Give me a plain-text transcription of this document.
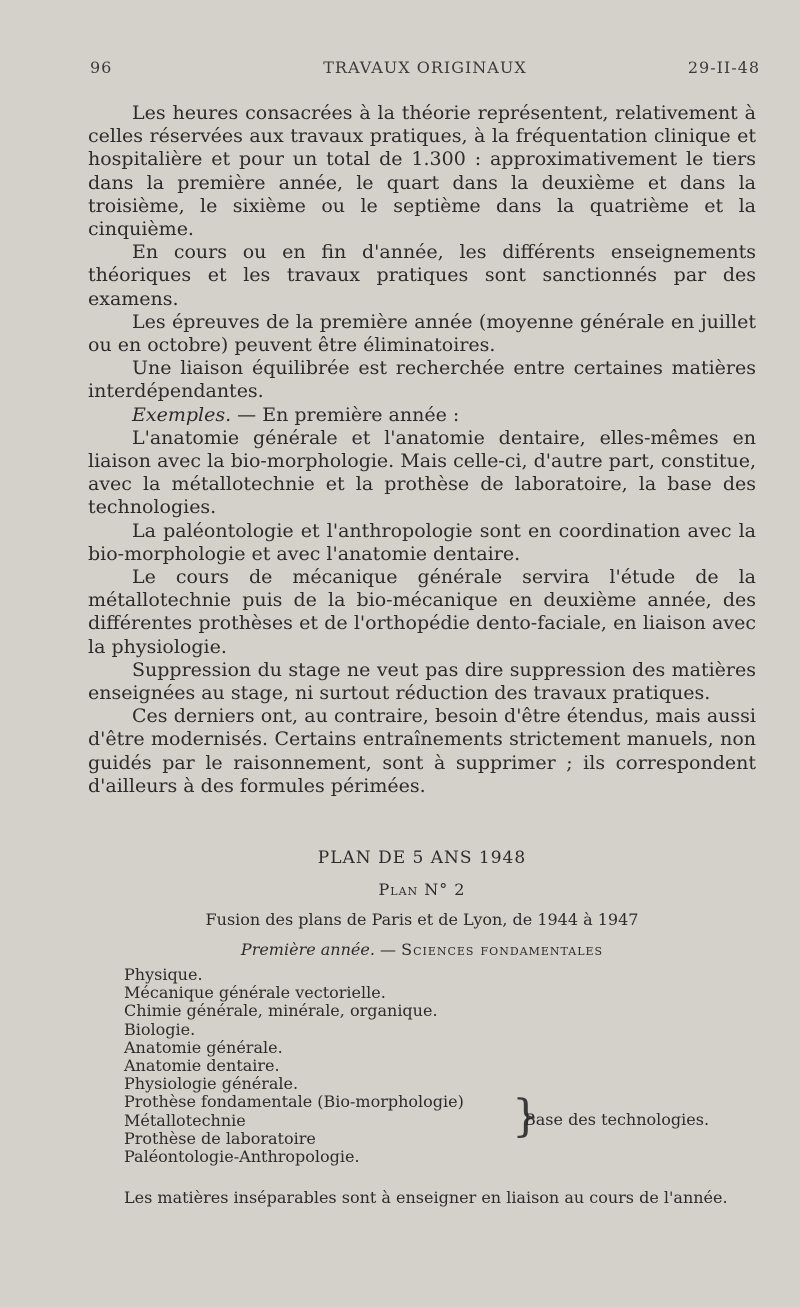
96	TRAVAUX ORIGINAUX	29-II-48

Les heures consacrées à la théorie représentent, relativement à celles réservées aux travaux pratiques, à la fréquentation clinique et hospitalière et pour un total de 1.300 : approximativement le tiers dans la première année, le quart dans la deuxième et dans la troisième, le sixième ou le septième dans la quatrième et la cinquième.

En cours ou en fin d'année, les différents enseignements théoriques et les travaux pratiques sont sanctionnés par des examens.

Les épreuves de la première année (moyenne générale en juillet ou en octobre) peuvent être éliminatoires.

Une liaison équilibrée est recherchée entre certaines matières interdépendantes.

Exemples. — En première année :

L'anatomie générale et l'anatomie dentaire, elles-mêmes en liaison avec la bio-morphologie. Mais celle-ci, d'autre part, constitue, avec la métallotechnie et la prothèse de laboratoire, la base des technologies.

La paléontologie et l'anthropologie sont en coordination avec la bio-morphologie et avec l'anatomie dentaire.

Le cours de mécanique générale servira l'étude de la métallotechnie puis de la bio-mécanique en deuxième année, des différentes prothèses et de l'orthopédie dento-faciale, en liaison avec la physiologie.

Suppression du stage ne veut pas dire suppression des matières enseignées au stage, ni surtout réduction des travaux pratiques.

Ces derniers ont, au contraire, besoin d'être étendus, mais aussi d'être modernisés. Certains entraînements strictement manuels, non guidés par le raisonnement, sont à supprimer ; ils correspondent d'ailleurs à des formules périmées.

PLAN DE 5 ANS 1948

Plan N° 2

Fusion des plans de Paris et de Lyon, de 1944 à 1947

Première année. — Sciences fondamentales

Physique.
Mécanique générale vectorielle.
Chimie générale, minérale, organique.
Biologie.
Anatomie générale.
Anatomie dentaire.
Physiologie générale.
Prothèse fondamentale (Bio-morphologie)
Métallotechnie
Prothèse de laboratoire	}
Base des technologies.
Paléontologie-Anthropologie.

Les matières inséparables sont à enseigner en liaison au cours de l'année.
